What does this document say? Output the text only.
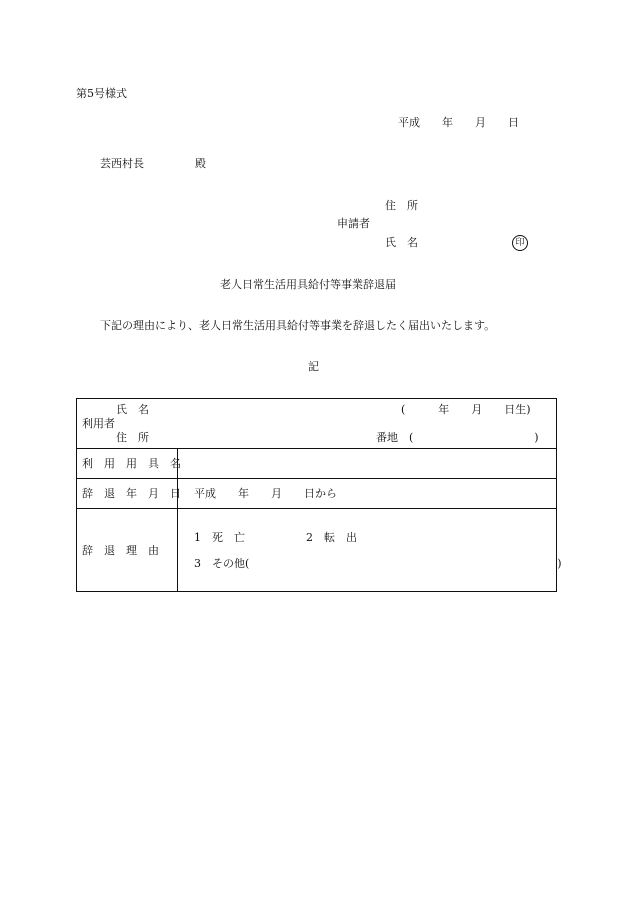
第5号様式
平成　　年　　月　　日
芸西村長	殿
住　所
申請者
氏　名	印
老人日常生活用具給付等事業辞退届
下記の理由により、老人日常生活用具給付等事業を辞退したく届出いたします。
記
氏　名	(　　　年　　月　　日生)
利用者
住　所	番地　(　　　　　　　　　　　)
利　用　用　具　名
辞　退　年　月　日 平成　　年　　月　　日から
辞　退　理　由
1　死　亡	2　転　出
3　その他(　　　　　　　　　　　　　　　　　　　　　　　　　　　　)
